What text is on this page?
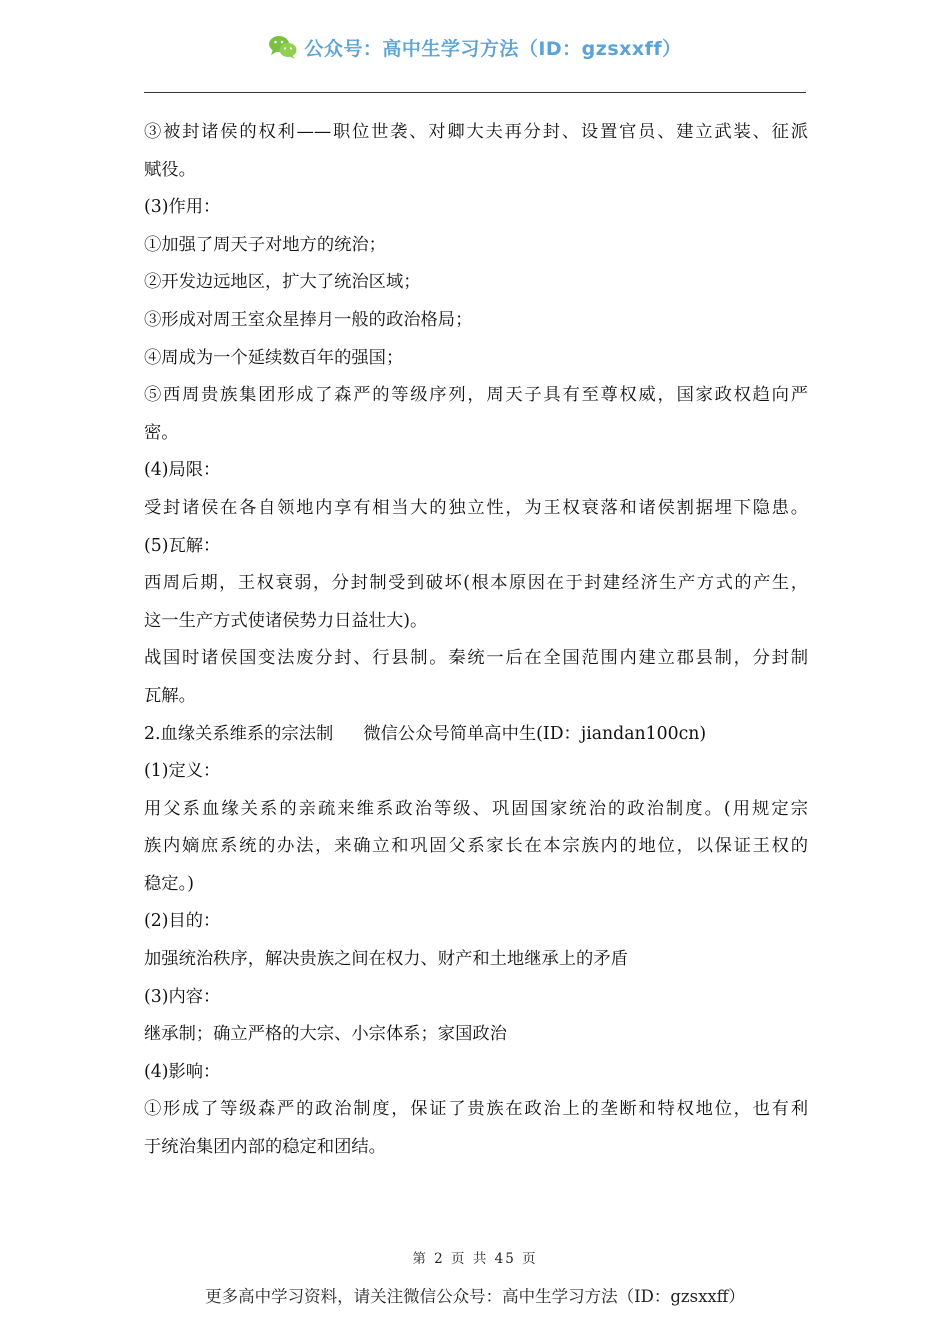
公众号：高中生学习方法（ID：gzsxxff）
③被封诸侯的权利——职位世袭、对卿大夫再分封、设置官员、建立武装、征派
赋役。
(3)作用：
①加强了周天子对地方的统治；
②开发边远地区，扩大了统治区域；
③形成对周王室众星捧月一般的政治格局；
④周成为一个延续数百年的强国；
⑤西周贵族集团形成了森严的等级序列，周天子具有至尊权威，国家政权趋向严
密。
(4)局限：
受封诸侯在各自领地内享有相当大的独立性，为王权衰落和诸侯割据埋下隐患。
(5)瓦解：
西周后期，王权衰弱，分封制受到破坏(根本原因在于封建经济生产方式的产生，
这一生产方式使诸侯势力日益壮大)。
战国时诸侯国变法废分封、行县制。秦统一后在全国范围内建立郡县制，分封制
瓦解。
2.血缘关系维系的宗法制 微信公众号简单高中生(ID：jiandan100cn)
(1)定义：
用父系血缘关系的亲疏来维系政治等级、巩固国家统治的政治制度。(用规定宗
族内嫡庶系统的办法，来确立和巩固父系家长在本宗族内的地位，以保证王权的
稳定。)
(2)目的：
加强统治秩序，解决贵族之间在权力、财产和土地继承上的矛盾
(3)内容：
继承制；确立严格的大宗、小宗体系；家国政治
(4)影响：
①形成了等级森严的政治制度，保证了贵族在政治上的垄断和特权地位，也有利
于统治集团内部的稳定和团结。
第 2 页 共 45 页
更多高中学习资料，请关注微信公众号：高中生学习方法（ID：gzsxxff）
